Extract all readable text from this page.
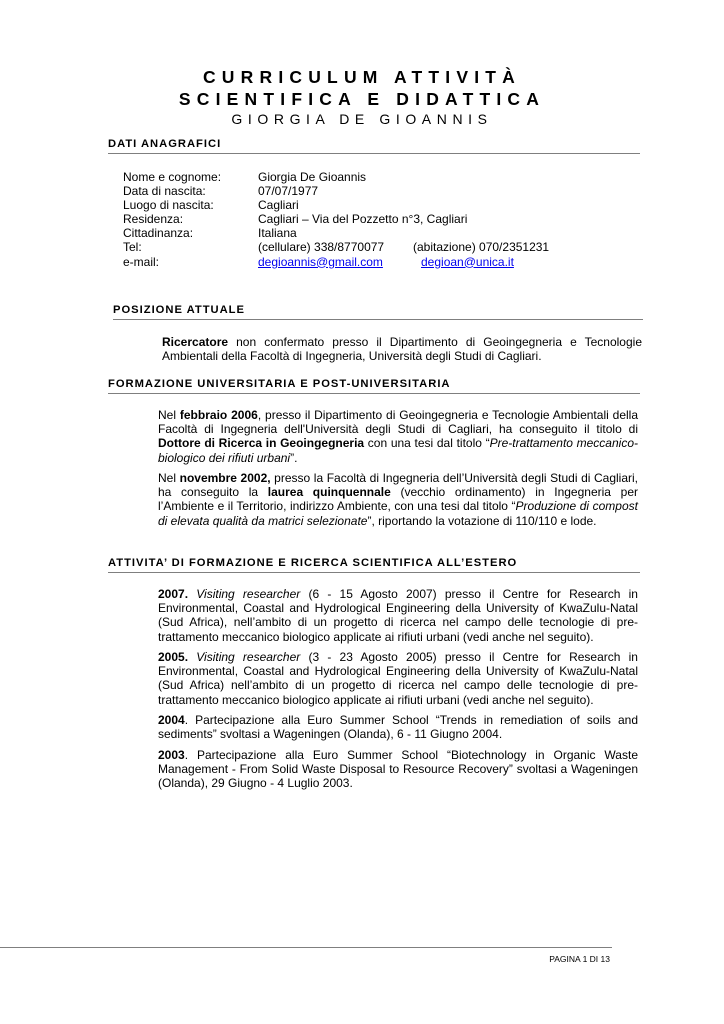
CURRICULUM ATTIVITÀ

SCIENTIFICA E DIDATTICA

GIORGIA DE GIOANNIS

DATI ANAGRAFICI
Nome e cognome:	Giorgia De Gioannis
Data di nascita:	07/07/1977
Luogo di nascita:	Cagliari
Residenza:	Cagliari – Via del Pozzetto n°3, Cagliari
Cittadinanza:	Italiana
Tel:	(cellulare) 338/8770077 (abitazione) 070/2351231
e-mail:	degioannis@gmail.com	degioan@unica.it
POSIZIONE ATTUALE

Ricercatore non confermato presso il Dipartimento di Geoingegneria e Tecnologie Ambientali della Facoltà di Ingegneria, Università degli Studi di Cagliari.

FORMAZIONE UNIVERSITARIA E POST-UNIVERSITARIA

Nel febbraio 2006, presso il Dipartimento di Geoingegneria e Tecnologie Ambientali della Facoltà di Ingegneria dell'Università degli Studi di Cagliari, ha conseguito il titolo di Dottore di Ricerca in Geoingegneria con una tesi dal titolo “Pre-trattamento meccanico-biologico dei rifiuti urbani”.

Nel novembre 2002, presso la Facoltà di Ingegneria dell’Università degli Studi di Cagliari, ha conseguito la laurea quinquennale (vecchio ordinamento) in Ingegneria per l’Ambiente e il Territorio, indirizzo Ambiente, con una tesi dal titolo “Produzione di compost di elevata qualità da matrici selezionate”, riportando la votazione di 110/110 e lode.

ATTIVITA’ DI FORMAZIONE E RICERCA SCIENTIFICA ALL’ESTERO

2007. Visiting researcher (6 - 15 Agosto 2007) presso il Centre for Research in Environmental, Coastal and Hydrological Engineering della University of KwaZulu-Natal (Sud Africa), nell’ambito di un progetto di ricerca nel campo delle tecnologie di pre-trattamento meccanico biologico applicate ai rifiuti urbani (vedi anche nel seguito).

2005. Visiting researcher (3 - 23 Agosto 2005) presso il Centre for Research in Environmental, Coastal and Hydrological Engineering della University of KwaZulu-Natal (Sud Africa) nell’ambito di un progetto di ricerca nel campo delle tecnologie di pre-trattamento meccanico biologico applicate ai rifiuti urbani (vedi anche nel seguito).

2004. Partecipazione alla Euro Summer School “Trends in remediation of soils and sediments” svoltasi a Wageningen (Olanda), 6 - 11 Giugno 2004.

2003. Partecipazione alla Euro Summer School “Biotechnology in Organic Waste Management - From Solid Waste Disposal to Resource Recovery” svoltasi a Wageningen (Olanda), 29 Giugno - 4 Luglio 2003.

PAGINA 1 DI 13
